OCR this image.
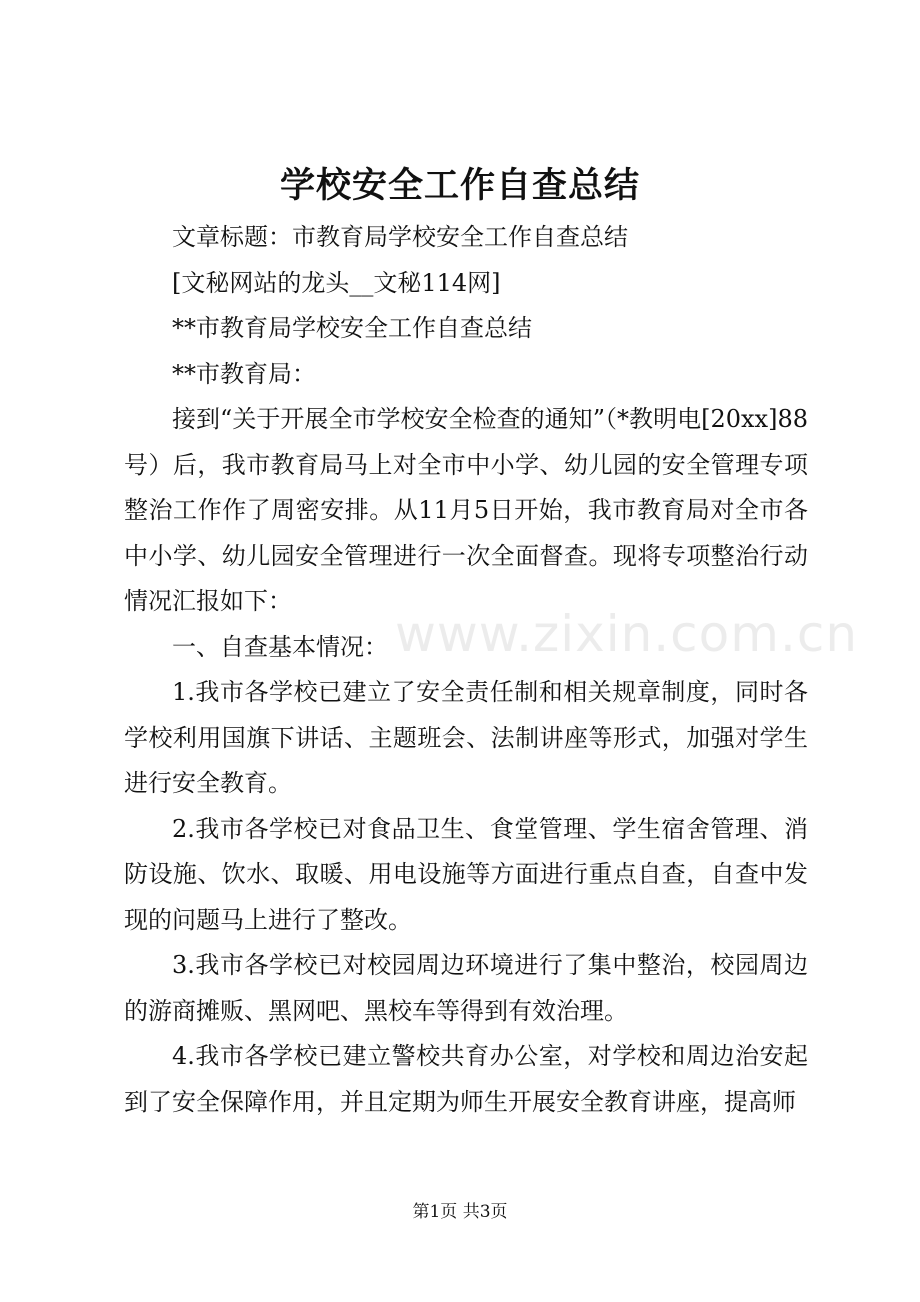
学校安全工作自查总结
文章标题：市教育局学校安全工作自查总结
[文秘网站的龙头__文秘114网]
**市教育局学校安全工作自查总结
**市教育局：

接到“关于开展全市学校安全检查的通知”（*教明电[20xx]88号）后，我市教育局马上对全市中小学、幼儿园的安全管理专项整治工作作了周密安排。从11月5日开始，我市教育局对全市各中小学、幼儿园安全管理进行一次全面督查。现将专项整治行动情况汇报如下：

一、自查基本情况：

1.我市各学校已建立了安全责任制和相关规章制度，同时各学校利用国旗下讲话、主题班会、法制讲座等形式，加强对学生进行安全教育。

2.我市各学校已对食品卫生、食堂管理、学生宿舍管理、消防设施、饮水、取暖、用电设施等方面进行重点自查，自查中发现的问题马上进行了整改。

3.我市各学校已对校园周边环境进行了集中整治，校园周边的游商摊贩、黑网吧、黑校车等得到有效治理。

4.我市各学校已建立警校共育办公室，对学校和周边治安起到了安全保障作用，并且定期为师生开展安全教育讲座，提高师

www.zixin.com.cn
第1页 共3页
